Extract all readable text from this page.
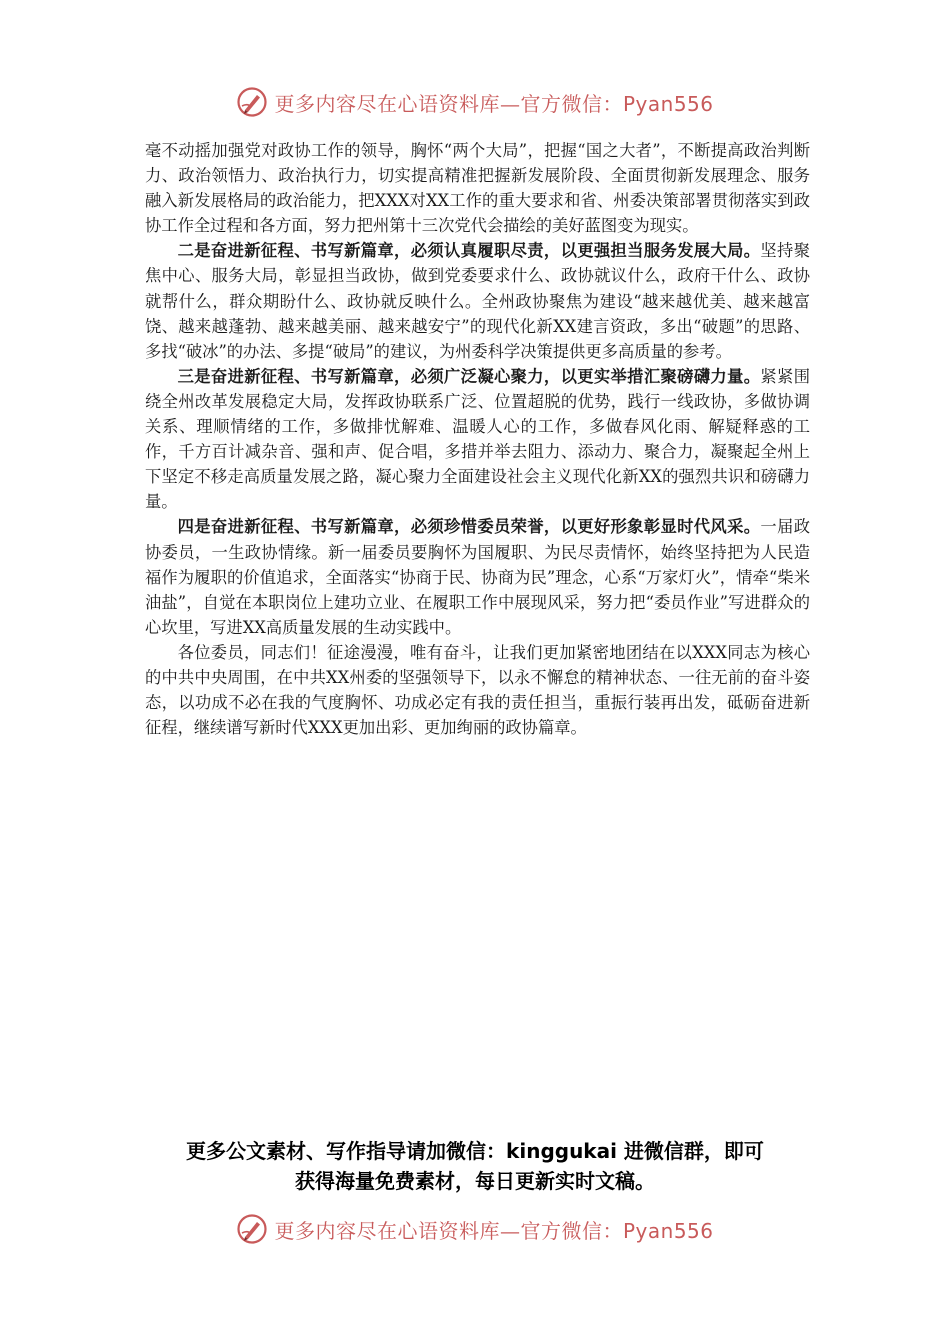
更多内容尽在心语资料库—官方微信：Pyan556

毫不动摇加强党对政协工作的领导，胸怀“两个大局”，把握“国之大者”，不断提高政治判断力、政治领悟力、政治执行力，切实提高精准把握新发展阶段、全面贯彻新发展理念、服务融入新发展格局的政治能力，把XXX对XX工作的重大要求和省、州委决策部署贯彻落实到政协工作全过程和各方面，努力把州第十三次党代会描绘的美好蓝图变为现实。

二是奋进新征程、书写新篇章，必须认真履职尽责，以更强担当服务发展大局。坚持聚焦中心、服务大局，彰显担当政协，做到党委要求什么、政协就议什么，政府干什么、政协就帮什么，群众期盼什么、政协就反映什么。全州政协聚焦为建设“越来越优美、越来越富饶、越来越蓬勃、越来越美丽、越来越安宁”的现代化新XX建言资政，多出“破题”的思路、多找“破冰”的办法、多提“破局”的建议，为州委科学决策提供更多高质量的参考。

三是奋进新征程、书写新篇章，必须广泛凝心聚力，以更实举措汇聚磅礴力量。紧紧围绕全州改革发展稳定大局，发挥政协联系广泛、位置超脱的优势，践行一线政协，多做协调关系、理顺情绪的工作，多做排忧解难、温暖人心的工作，多做春风化雨、解疑释惑的工作，千方百计减杂音、强和声、促合唱，多措并举去阻力、添动力、聚合力，凝聚起全州上下坚定不移走高质量发展之路，凝心聚力全面建设社会主义现代化新XX的强烈共识和磅礴力量。

四是奋进新征程、书写新篇章，必须珍惜委员荣誉，以更好形象彰显时代风采。一届政协委员，一生政协情缘。新一届委员要胸怀为国履职、为民尽责情怀，始终坚持把为人民造福作为履职的价值追求，全面落实“协商于民、协商为民”理念，心系“万家灯火”，情牵“柴米油盐”，自觉在本职岗位上建功立业、在履职工作中展现风采，努力把“委员作业”写进群众的心坎里，写进XX高质量发展的生动实践中。

各位委员，同志们！征途漫漫，唯有奋斗，让我们更加紧密地团结在以XXX同志为核心的中共中央周围，在中共XX州委的坚强领导下，以永不懈怠的精神状态、一往无前的奋斗姿态，以功成不必在我的气度胸怀、功成必定有我的责任担当，重振行装再出发，砥砺奋进新征程，继续谱写新时代XXX更加出彩、更加绚丽的政协篇章。

更多公文素材、写作指导请加微信：kinggukai 进微信群，即可
获得海量免费素材，每日更新实时文稿。
更多内容尽在心语资料库—官方微信：Pyan556
